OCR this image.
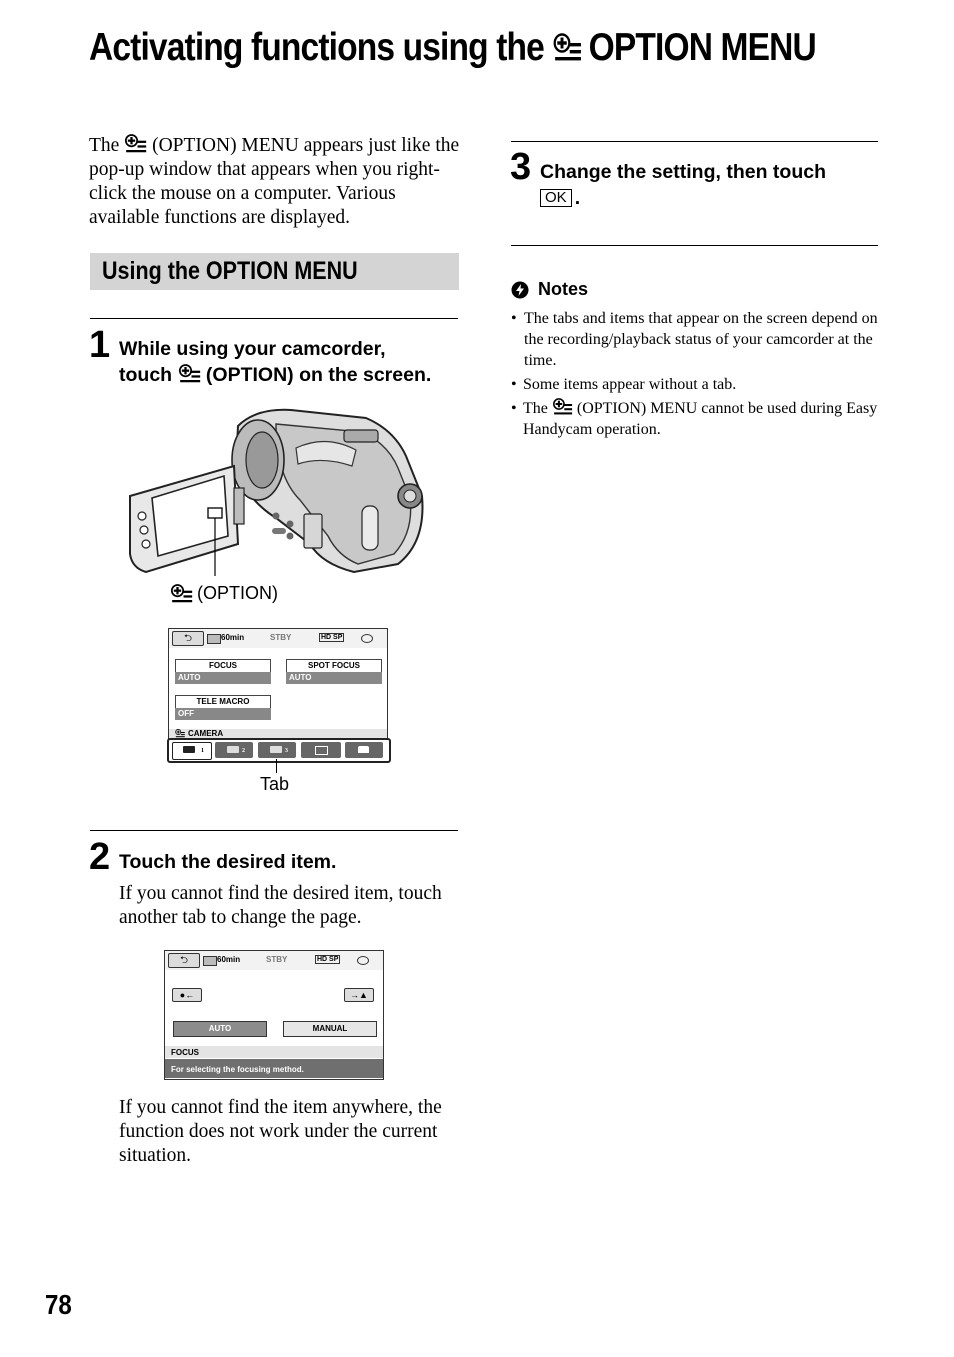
Activating functions using the OPTION MENU
The (OPTION) MENU appears just like the pop-up window that appears when you right-click the mouse on a computer. Various available functions are displayed.
Using the OPTION MENU
1 While using your camcorder,
touch (OPTION) on the screen.
(OPTION)
⮌	60min	STBY	HD SP
FOCUS
AUTO
SPOT FOCUS
AUTO
TELE MACRO
OFF
CAMERA
1	2	3
Tab
2 Touch the desired item.
If you cannot find the desired item, touch another tab to change the page.
⮌	60min	STBY	HD SP
●←	→▲
AUTO	MANUAL
FOCUS
For selecting the focusing method.
If you cannot find the item anywhere, the function does not work under the current situation.
3 Change the setting, then touch
OK .
Notes
• The tabs and items that appear on the screen depend on the recording/playback status of your camcorder at the time.
• Some items appear without a tab.
• The (OPTION) MENU cannot be used during Easy Handycam operation.
78
